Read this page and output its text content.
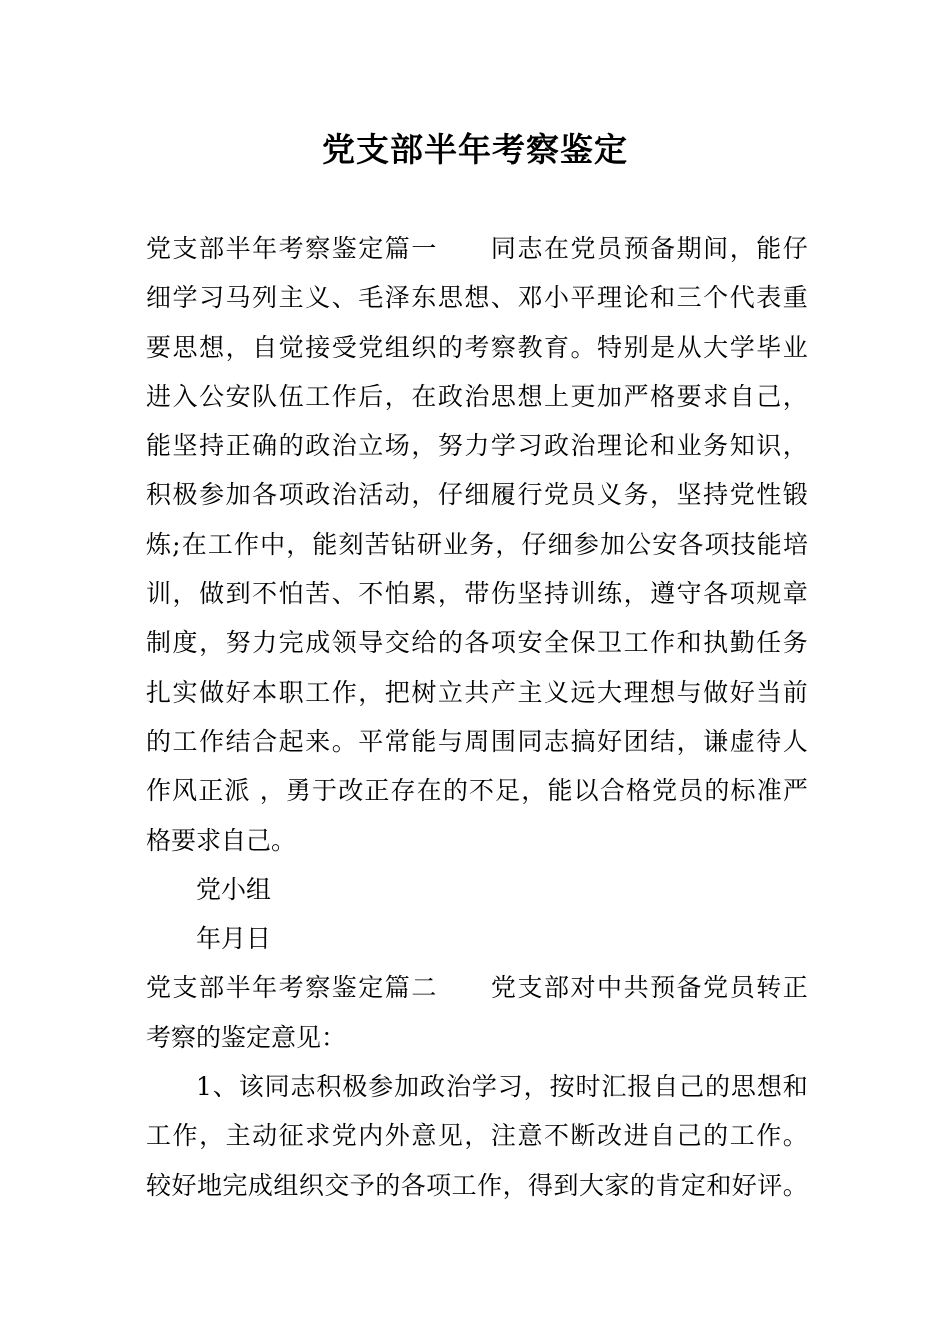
党支部半年考察鉴定

党 支 部 半 年 考 察 鉴 定 篇 一

　 同 志 在 党 员 预 备 期 间 ， 能 仔

细 学 习 马 列 主 义 、 毛 泽 东 思 想 、 邓 小 平 理 论 和 三 个 代 表 重

要 思 想 ， 自 觉 接 受 党 组 织 的 考 察 教 育 。 特 别 是 从 大 学 毕 业

进 入 公 安 队 伍 工 作 后 ， 在 政 治 思 想 上 更 加 严 格 要 求 自 己 ，

能 坚 持 正 确 的 政 治 立 场 ， 努 力 学 习 政 治 理 论 和 业 务 知 识 ，

积 极 参 加 各 项 政 治 活 动 ， 仔 细 履 行 党 员 义 务 ， 坚 持 党 性 锻

炼 ; 在 工 作 中 ， 能 刻 苦 钻 研 业 务 ， 仔 细 参 加 公 安 各 项 技 能 培

训 ， 做 到 不 怕 苦 、 不 怕 累 ， 带 伤 坚 持 训 练 ， 遵 守 各 项 规 章

制 度 ， 努 力 完 成 领 导 交 给 的 各 项 安 全 保 卫 工 作 和 执 勤 任 务

扎 实 做 好 本 职 工 作 ， 把 树 立 共 产 主 义 远 大 理 想 与 做 好 当 前

的 工 作 结 合 起 来 。 平 常 能 与 周 围 同 志 搞 好 团 结 ， 谦 虚 待 人

作 风 正 派
， 勇 于 改 正 存 在 的 不 足 ， 能 以 合 格 党 员 的 标 准 严

格要求自己。

党小组

年月日

党 支 部 半 年 考 察 鉴 定 篇 二

　 党 支 部 对 中 共 预 备 党 员 转 正

考察的鉴定意见：

1 、 该 同 志 积 极 参 加 政 治 学 习 ， 按 时 汇 报 自 己 的 思 想 和

工 作 ， 主 动 征 求 党 内 外 意 见 ， 注 意 不 断 改 进 自 己 的 工 作 。

较 好 地 完 成 组 织 交 予 的 各 项 工 作 ， 得 到 大 家 的 肯 定 和 好 评 。
